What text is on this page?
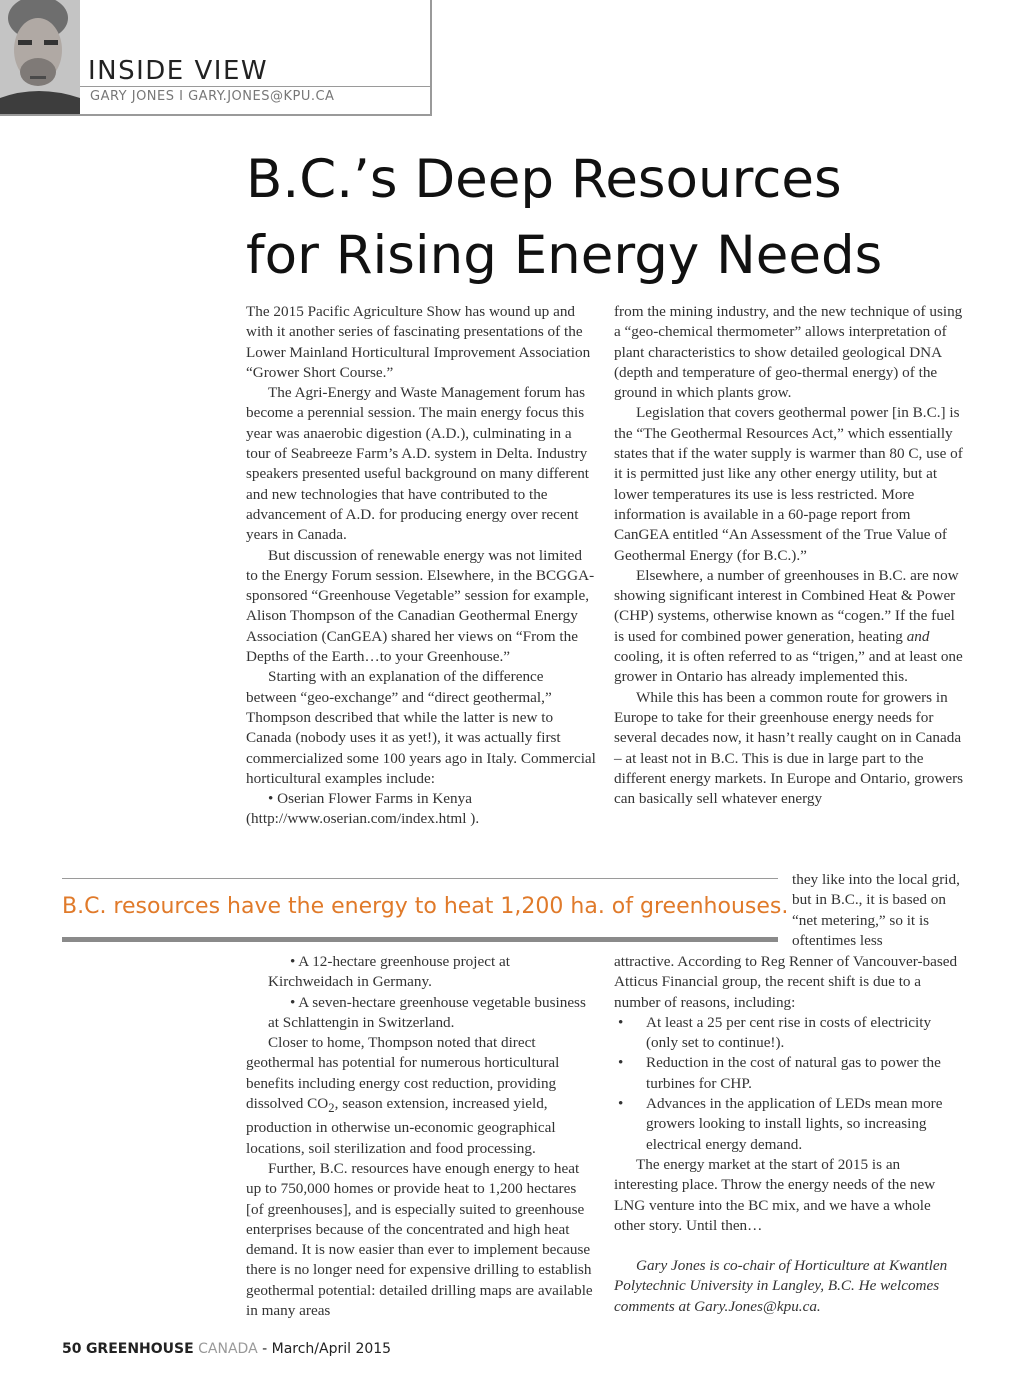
INSIDE VIEW

GARY JONES I GARY.JONES@KPU.CA

B.C.’s Deep Resources
for Rising Energy Needs

The 2015 Pacific Agriculture Show has wound up and with it another series of fascinating presentations of the Lower Mainland Horticultural Improvement Association “Grower Short Course.”

The Agri-Energy and Waste Management forum has become a perennial session. The main energy focus this year was anaerobic digestion (A.D.), culminating in a tour of Seabreeze Farm’s A.D. system in Delta. Industry speakers presented useful background on many different and new technologies that have contributed to the advancement of A.D. for producing energy over recent years in Canada.

But discussion of renewable energy was not limited to the Energy Forum session. Elsewhere, in the BCGGA-sponsored “Greenhouse Vegetable” session for example, Alison Thompson of the Canadian Geothermal Energy Association (CanGEA) shared her views on “From the Depths of the Earth…to your Greenhouse.”

Starting with an explanation of the difference between “geo-exchange” and “direct geothermal,” Thompson described that while the latter is new to Canada (nobody uses it as yet!), it was actually first commercialized some 100 years ago in Italy. Commercial horticultural examples include:

• Oserian Flower Farms in Kenya

(http://www.oserian.com/index.html ).

from the mining industry, and the new technique of using a “geo-chemical thermometer” allows interpretation of plant characteristics to show detailed geological DNA (depth and temperature of geo-thermal energy) of the ground in which plants grow.

Legislation that covers geothermal power [in B.C.] is the “The Geothermal Resources Act,” which essentially states that if the water supply is warmer than 80 C, use of it is permitted just like any other energy utility, but at lower temperatures its use is less restricted. More information is available in a 60-page report from CanGEA entitled “An Assessment of the True Value of Geothermal Energy (for B.C.).”

Elsewhere, a number of greenhouses in B.C. are now showing significant interest in Combined Heat & Power (CHP) systems, otherwise known as “cogen.” If the fuel is used for combined power generation, heating and cooling, it is often referred to as “trigen,” and at least one grower in Ontario has already implemented this.

While this has been a common route for growers in Europe to take for their greenhouse energy needs for several decades now, it hasn’t really caught on in Canada – at least not in B.C. This is due in large part to the different energy markets. In Europe and Ontario, growers can basically sell whatever energy

they like into the local grid, but in B.C., it is based on “net metering,” so it is oftentimes less

B.C. resources have the energy to heat 1,200 ha. of greenhouses.

• A 12-hectare greenhouse project at Kirchweidach in Germany.

• A seven-hectare greenhouse vegetable business at Schlattengin in Switzerland.

Closer to home, Thompson noted that direct geothermal has potential for numerous horticultural benefits including energy cost reduction, providing dissolved $CO_2$, season extension, increased yield, production in otherwise un-economic geographical locations, soil sterilization and food processing.

Further, B.C. resources have enough energy to heat up to 750,000 homes or provide heat to 1,200 hectares [of greenhouses], and is especially suited to greenhouse enterprises because of the concentrated and high heat demand. It is now easier than ever to implement because there is no longer need for expensive drilling to establish geothermal potential: detailed drilling maps are available in many areas

attractive. According to Reg Renner of Vancouver-based Atticus Financial group, the recent shift is due to a number of reasons, including:

• At least a 25 per cent rise in costs of electricity (only set to continue!).
• Reduction in the cost of natural gas to power the turbines for CHP.
• Advances in the application of LEDs mean more growers looking to install lights, so increasing electrical energy demand.

The energy market at the start of 2015 is an interesting place. Throw the energy needs of the new LNG venture into the BC mix, and we have a whole other story. Until then…

Gary Jones is co-chair of Horticulture at Kwantlen Polytechnic University in Langley, B.C. He welcomes comments at Gary.Jones@kpu.ca.

50 GREENHOUSE CANADA - March/April 2015
